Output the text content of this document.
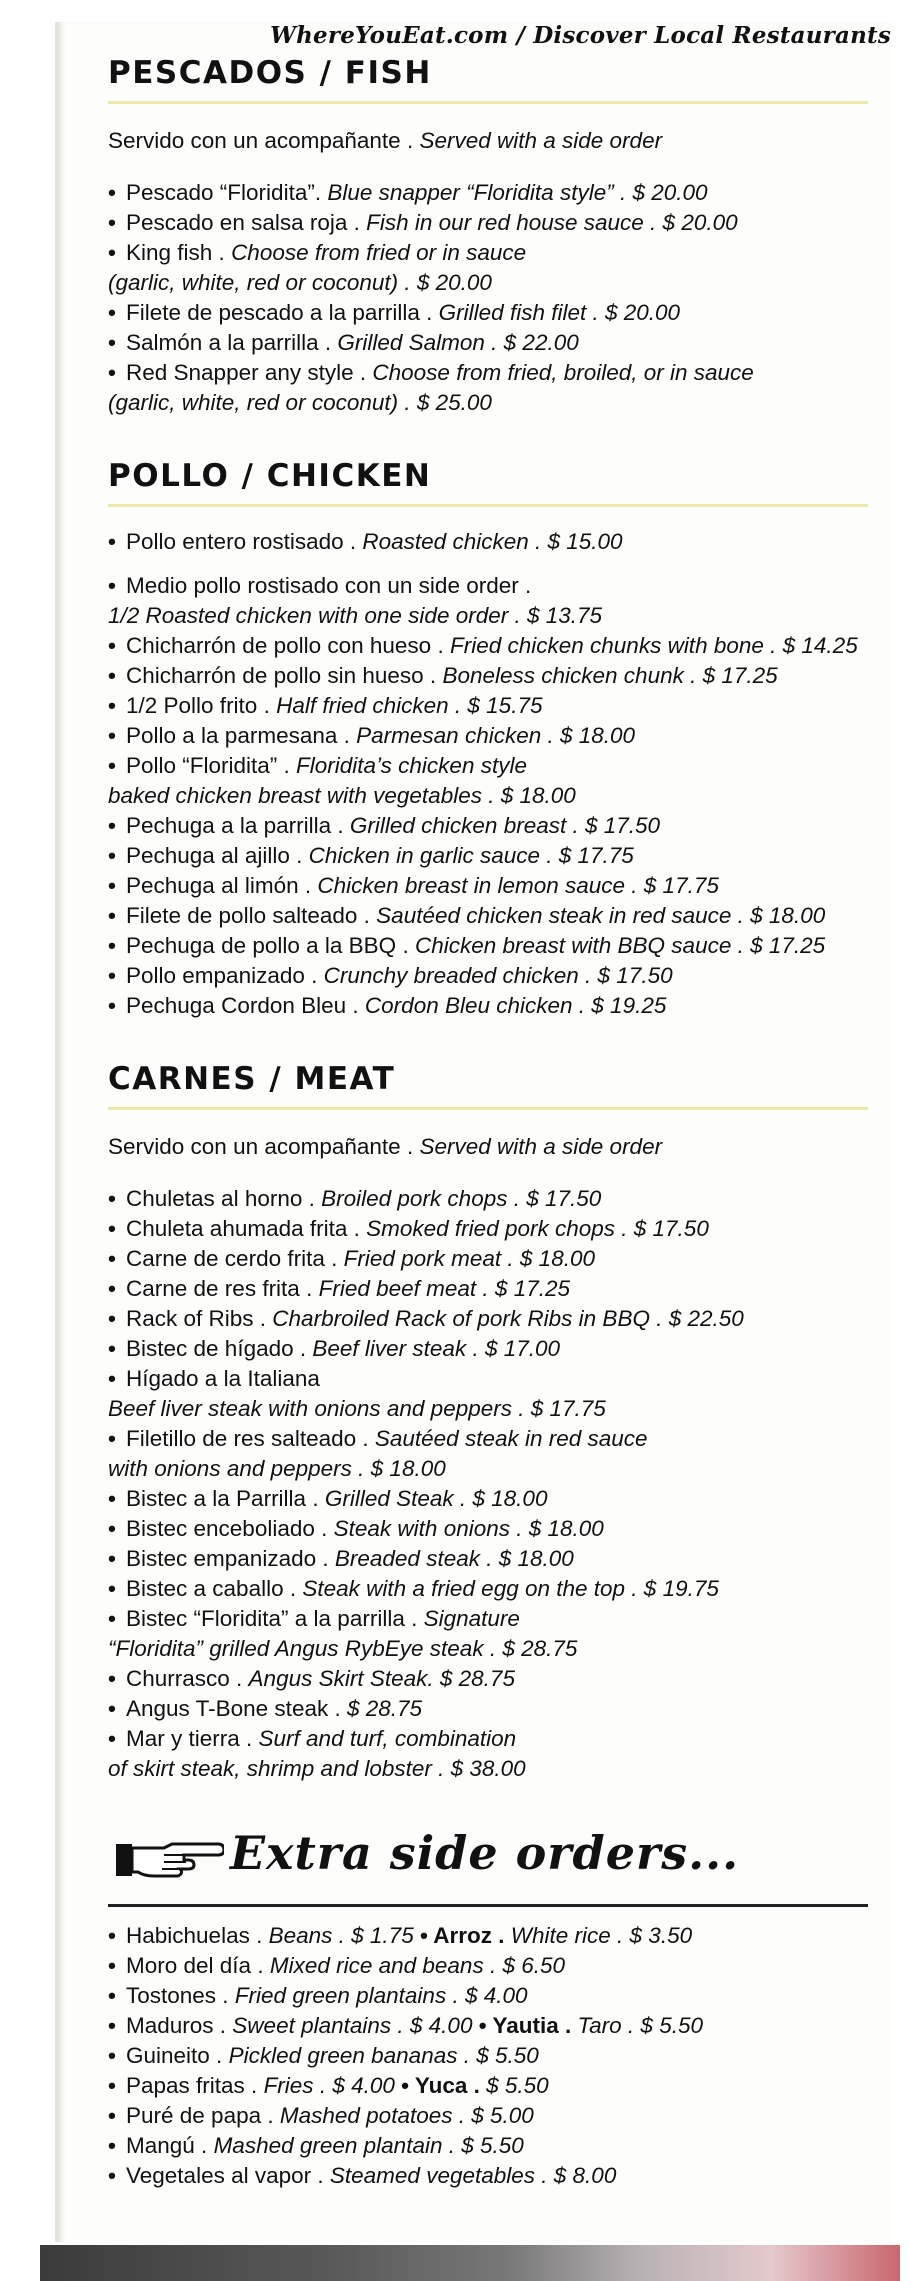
WhereYouEat.com / Discover Local Restaurants
PESCADOS / FISH

Servido con un acompañante . Served with a side order

• Pescado “Floridita”. Blue snapper “Floridita style” . $ 20.00
• Pescado en salsa roja . Fish in our red house sauce . $ 20.00
• King fish . Choose from fried or in sauce
(garlic, white, red or coconut) . $ 20.00
• Filete de pescado a la parrilla . Grilled fish filet . $ 20.00
• Salmón a la parrilla . Grilled Salmon . $ 22.00
• Red Snapper any style . Choose from fried, broiled, or in sauce
(garlic, white, red or coconut) . $ 25.00
POLLO / CHICKEN
• Pollo entero rostisado . Roasted chicken . $ 15.00
• Medio pollo rostisado con un side order .
1/2 Roasted chicken with one side order . $ 13.75
• Chicharrón de pollo con hueso . Fried chicken chunks with bone . $ 14.25
• Chicharrón de pollo sin hueso . Boneless chicken chunk . $ 17.25
• 1/2 Pollo frito . Half fried chicken . $ 15.75
• Pollo a la parmesana . Parmesan chicken . $ 18.00
• Pollo “Floridita” . Floridita’s chicken style
baked chicken breast with vegetables . $ 18.00
• Pechuga a la parrilla . Grilled chicken breast . $ 17.50
• Pechuga al ajillo . Chicken in garlic sauce . $ 17.75
• Pechuga al limón . Chicken breast in lemon sauce . $ 17.75
• Filete de pollo salteado . Sautéed chicken steak in red sauce . $ 18.00
• Pechuga de pollo a la BBQ . Chicken breast with BBQ sauce . $ 17.25
• Pollo empanizado . Crunchy breaded chicken . $ 17.50
• Pechuga Cordon Bleu . Cordon Bleu chicken . $ 19.25
CARNES / MEAT

Servido con un acompañante . Served with a side order

• Chuletas al horno . Broiled pork chops . $ 17.50
• Chuleta ahumada frita . Smoked fried pork chops . $ 17.50
• Carne de cerdo frita . Fried pork meat . $ 18.00
• Carne de res frita . Fried beef meat . $ 17.25
• Rack of Ribs . Charbroiled Rack of pork Ribs in BBQ . $ 22.50
• Bistec de hígado . Beef liver steak . $ 17.00
• Hígado a la Italiana
Beef liver steak with onions and peppers . $ 17.75
• Filetillo de res salteado . Sautéed steak in red sauce
with onions and peppers . $ 18.00
• Bistec a la Parrilla . Grilled Steak . $ 18.00
• Bistec enceboliado . Steak with onions . $ 18.00
• Bistec empanizado . Breaded steak . $ 18.00
• Bistec a caballo . Steak with a fried egg on the top . $ 19.75
• Bistec “Floridita” a la parrilla . Signature
“Floridita” grilled Angus RybEye steak . $ 28.75
• Churrasco . Angus Skirt Steak. $ 28.75
• Angus T-Bone steak . $ 28.75
• Mar y tierra . Surf and turf, combination
of skirt steak, shrimp and lobster . $ 38.00
Extra side orders...
• Habichuelas . Beans . $ 1.75 • Arroz . White rice . $ 3.50
• Moro del día . Mixed rice and beans . $ 6.50
• Tostones . Fried green plantains . $ 4.00
• Maduros . Sweet plantains . $ 4.00 • Yautia . Taro . $ 5.50
• Guineito . Pickled green bananas . $ 5.50
• Papas fritas . Fries . $ 4.00 • Yuca . $ 5.50
• Puré de papa . Mashed potatoes . $ 5.00
• Mangú . Mashed green plantain . $ 5.50
• Vegetales al vapor . Steamed vegetables . $ 8.00
